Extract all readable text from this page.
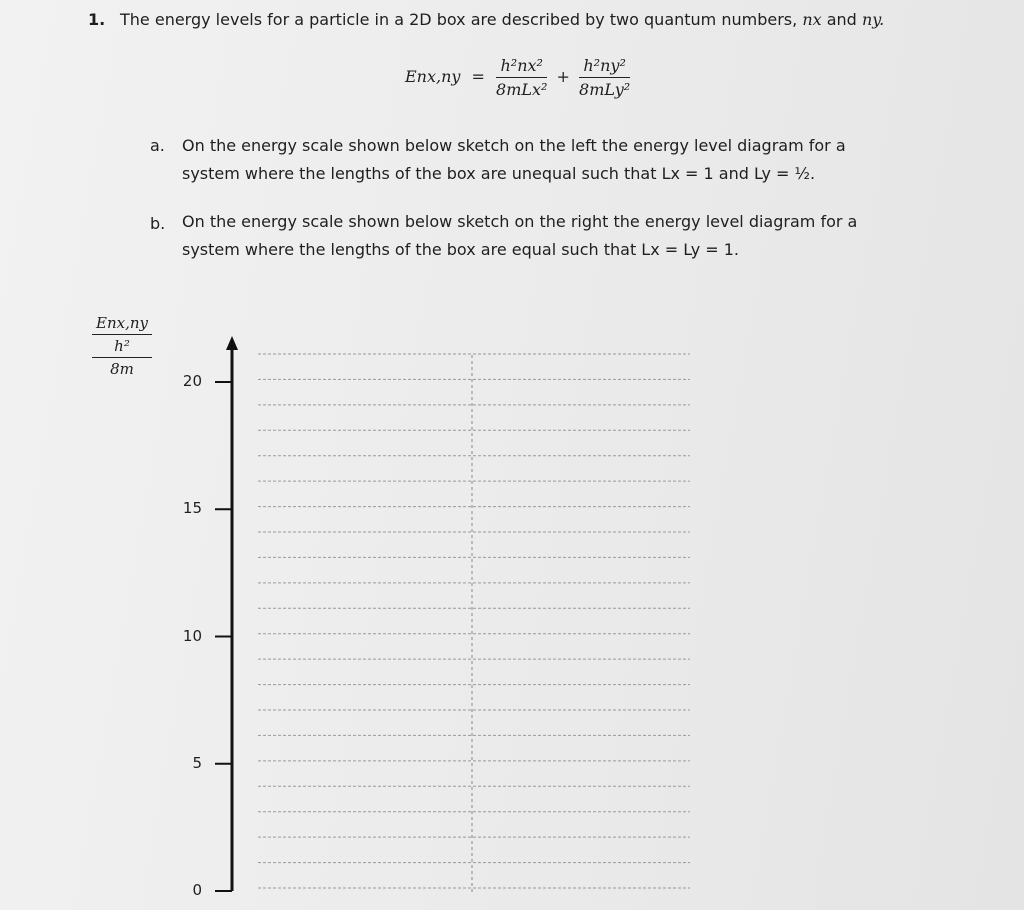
1. The energy levels for a particle in a 2D box are described by two quantum numbers, nx and ny.
$Enx,ny = \frac{\text{h²nx²}}{\text{8mLx²}} + \frac{\text{h²ny²}}{\text{8mLy²}}$
a. On the energy scale shown below sketch on the left the energy level diagram for a
system where the lengths of the box are unequal such that Lx = 1 and Ly = ½.
b. On the energy scale shown below sketch on the right the energy level diagram for a
system where the lengths of the box are equal such that Lx = Ly = 1.
Enx,ny
h²
8m
20
15
10
5
0
